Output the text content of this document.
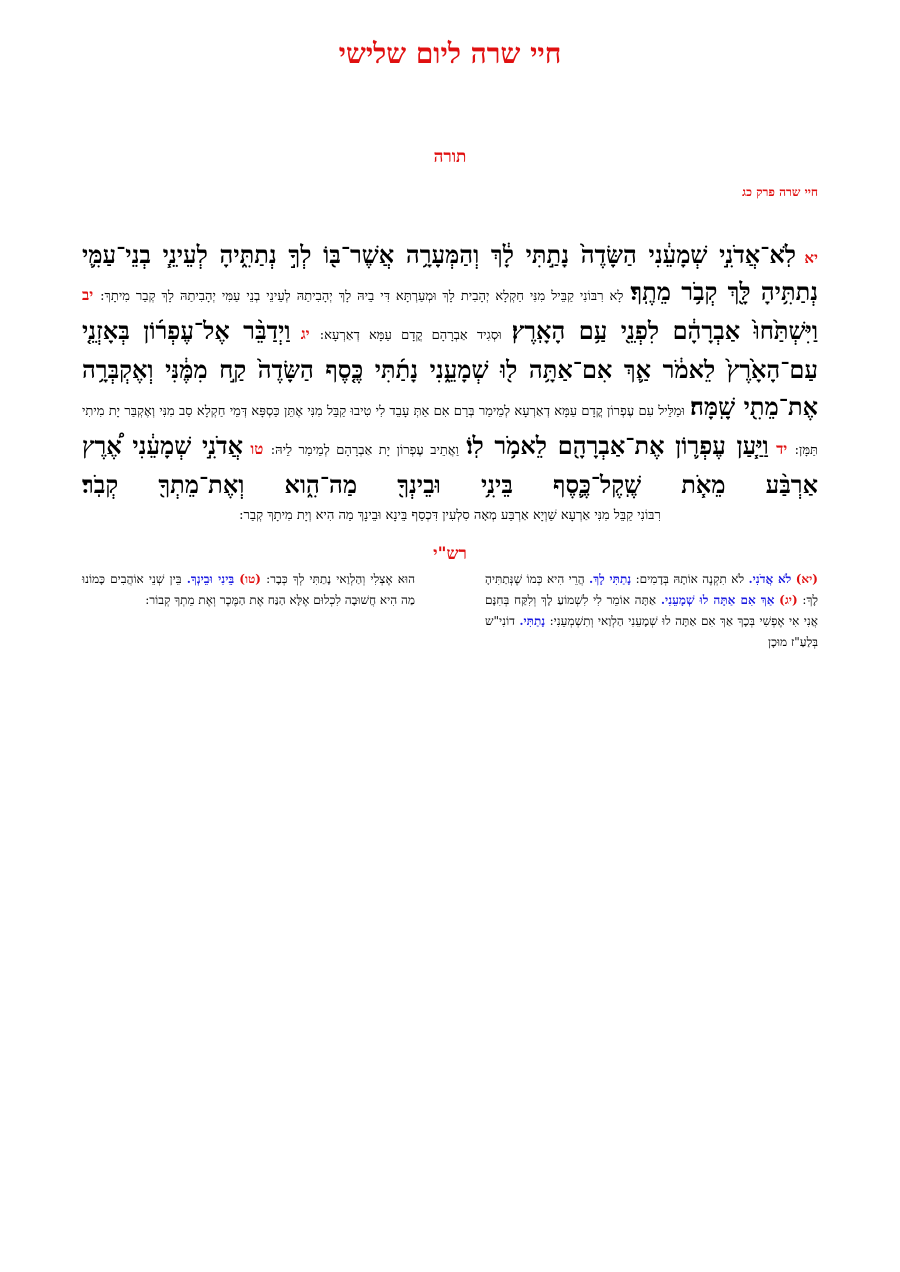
חיי שרה ליום שלישי
תורה
חיי שרה פרק כג

יא לֹֽא־אֲדֹנִ֣י שְׁמָעֵ֔נִי הַשָּׂדֶה֙ נָתַ֣תִּי לָ֔ךְ וְהַמְּעָרָ֥ה אֲשֶׁר־בּ֖וֹ לְךָ֣ נְתַתִּ֑יהָ לְעֵינֵ֧י בְנֵי־עַמִּ֛י נְתַתִּ֥יהָ לָּ֖ךְ קְבֹ֥ר מֵתֶֽךָ׃ לָא רִבּוֹנִי קַבֵּיל מִנִּי חַקְלָא יְהָבִית לָךְ וּמְעַרְתָּא דִּי בֵיהּ לָךְ יְהָבִיתַהּ לְעֵינֵי בְנֵי עַמִּי יְהָבִיתַהּ לָךְ קְבַר מִיתָךְ: יב וַיִּשְׁתַּ֙חוּ֙ אַבְרָהָ֔ם לִפְנֵ֖י עַ֥ם הָאָֽרֶץ׃ וּסְגִיד אַבְרָהָם קֳדָם עַמָּא דְאַרְעָא: יג וַיְדַבֵּ֨ר אֶל־עֶפְר֜וֹן בְּאָזְנֵ֤י עַם־הָאָ֙רֶץ֙ לֵאמֹ֔ר אַ֛ךְ אִם־אַתָּ֥ה ל֖וּ שְׁמָעֵ֑נִי נָתַ֜תִּי כֶּ֤סֶף הַשָּׂדֶה֙ קַ֣ח מִמֶּ֔נִּי וְאֶקְבְּרָ֥ה אֶת־מֵתִ֖י שָֽׁמָּה׃ וּמַלֵּיל עִם עֶפְרוֹן קֳדָם עַמָּא דְאַרְעָא לְמֵימַר בְּרַם אִם אַתְּ עָבֵד לִי טִיבוּ קַבֵּל מִנִּי אֶתֵּן כַּסְפָּא דְּמֵי חַקְלָא סַב מִנִּי וְאֶקְבַּר יָת מִיתִי תַּמָּן: יד וַיַּ֧עַן עֶפְר֛וֹן אֶת־אַבְרָהָ֖ם לֵאמֹ֥ר לֽוֹ׃ וַאֲתֵיב עֶפְרוֹן יָת אַבְרָהָם לְמֵימַר לֵיהּ: טו אֲדֹנִ֣י שְׁמָעֵ֔נִי אֶ֠רֶץ אַרְבַּ֨ע מֵאֹ֧ת שֶֽׁקֶל־כֶּ֛סֶף בֵּינִ֥י וּבֵינְךָ֖ מַה־הִ֑וא וְאֶת־מֵתְךָ֖ קְבֹֽר׃

רִבּוֹנִי קַבֵּל מִנִּי אַרְעָא שַׁוְיָא אַרְבַּע מְאָה סִלְעִין דִּכְסַף בֵּינָא וּבֵינָךְ מַה הִיא וְיָת מִיתָךְ קְבַר:
רש"י

(יא) לֹא אֲדֹנִי. לֹא תִקְנֶה אוֹתָהּ בְּדָמִים: נָתַתִּי לָךְ. הֲרֵי הִיא כְּמוֹ שֶׁנְּתַתִּיהָ לָךְ: (יג) אַךְ אִם אַתָּה לוּ שְׁמָעֵנִי. אַתָּה אוֹמֵר לִי לִשְׁמוֹעַ לָךְ וְלִקַּח בְּחִנָּם אֲנִי אִי אֶפְשִׁי בְּכָךְ אַךְ אִם אַתָּה לוּ שְׁמָעֵנִי הַלְוַאי וְתִשְׁמְעֵנִי: נָתַתִּי. דוֹנִי"ש בְּלַעַ"ז מוּכָן

הוּא אֶצְלִי וְהַלְוַאי נָתַתִּי לְךָ כְּבָר: (טו) בֵּינִי וּבֵינְךָ. בֵּין שְׁנֵי אוֹהֲבִים כָּמוֹנוּ מַה הִיא חֲשׁוּבָה לִכְלוּם אֶלָּא הַנַּח אֶת הַמֶּכֶר וְאֶת מֵתְךָ קְבוֹר:
